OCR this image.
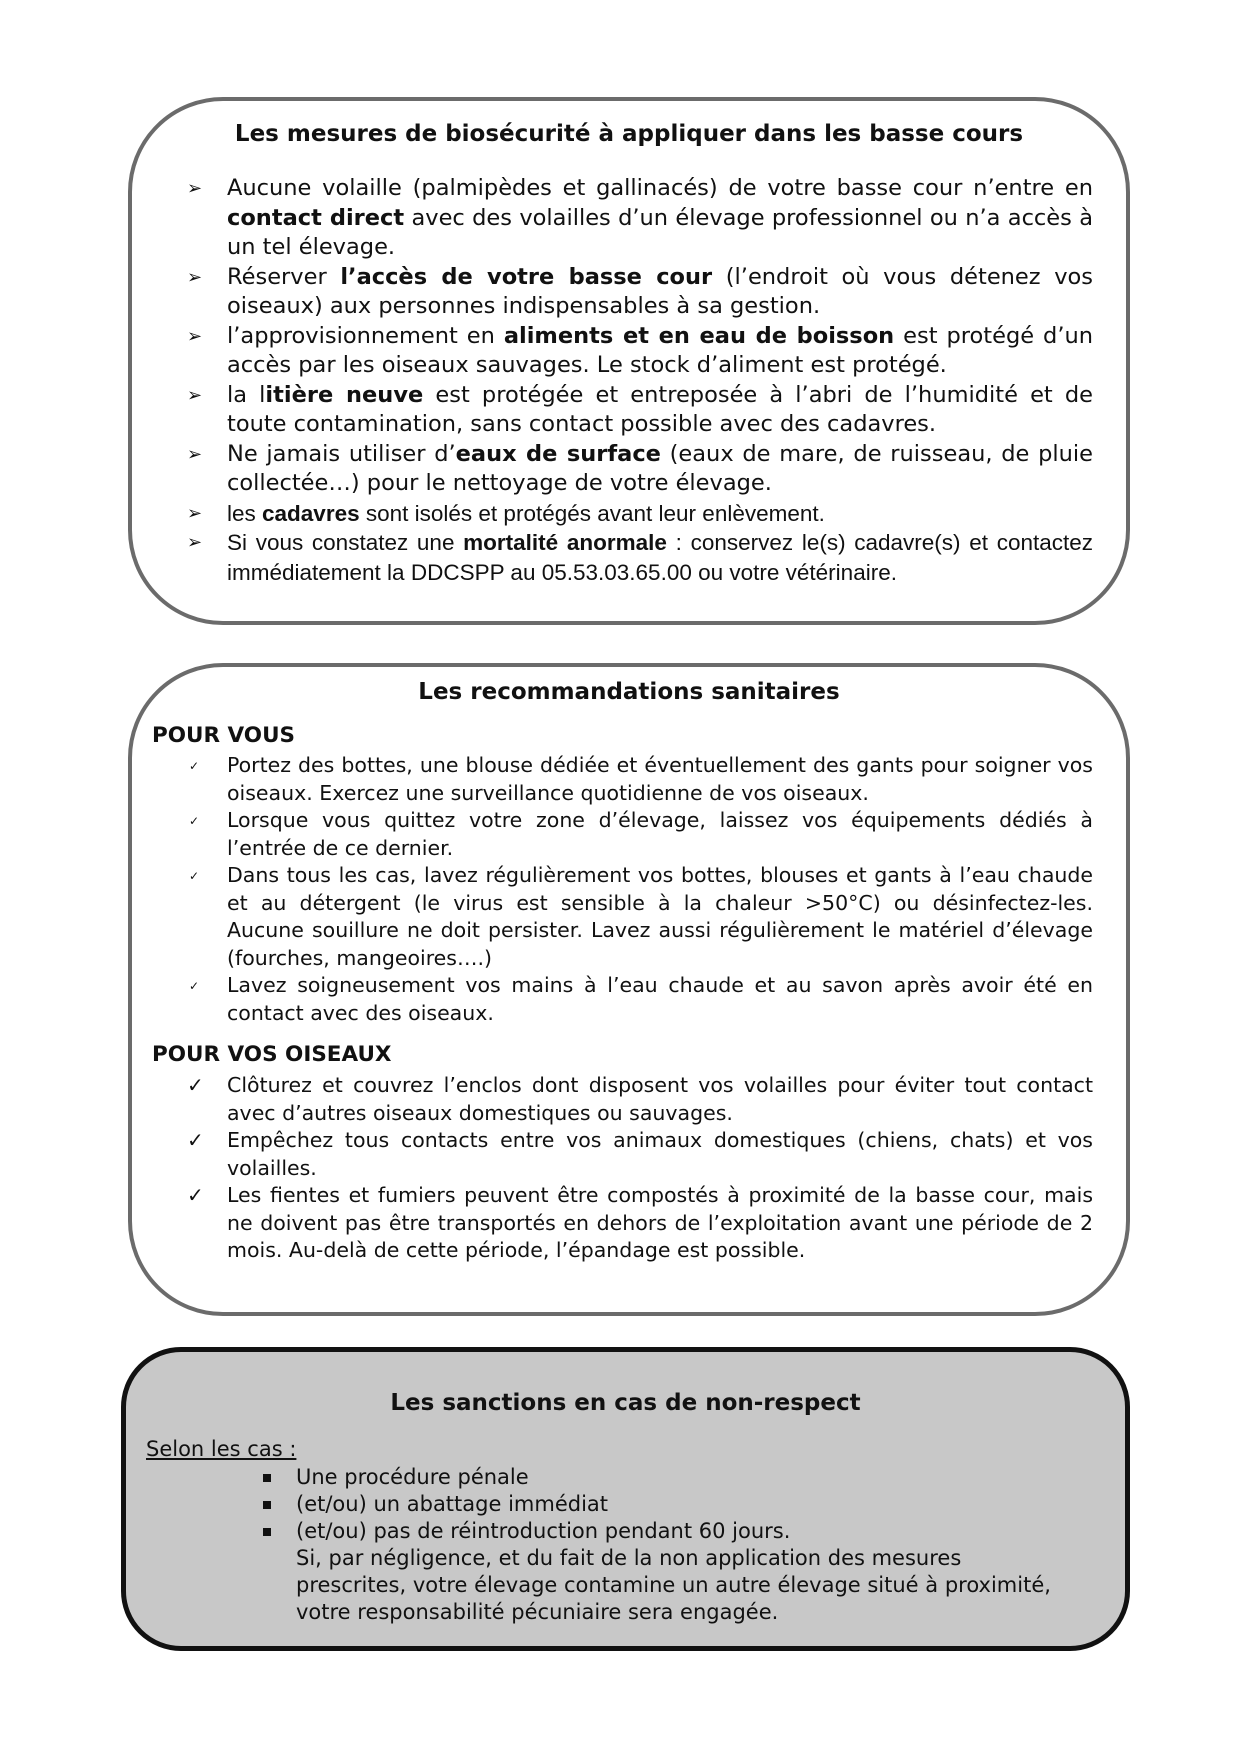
Les mesures de biosécurité à appliquer dans les basse cours
➢ Aucune volaille (palmipèdes et gallinacés) de votre basse cour n’entre en contact direct avec des volailles d’un élevage professionnel ou n’a accès à un tel élevage.
➢ Réserver l’accès de votre basse cour (l’endroit où vous détenez vos oiseaux) aux personnes indispensables à sa gestion.
➢ l’approvisionnement en aliments et en eau de boisson est protégé d’un accès par les oiseaux sauvages. Le stock d’aliment est protégé.
➢ la litière neuve est protégée et entreposée à l’abri de l’humidité et de toute contamination, sans contact possible avec des cadavres.
➢ Ne jamais utiliser d’eaux de surface (eaux de mare, de ruisseau, de pluie collectée…) pour le nettoyage de votre élevage.
➢ les cadavres sont isolés et protégés avant leur enlèvement.
➢ Si vous constatez une mortalité anormale : conservez le(s) cadavre(s) et contactez immédiatement la DDCSPP au 05.53.03.65.00 ou votre vétérinaire.
Les recommandations sanitaires
POUR VOUS
✓ Portez des bottes, une blouse dédiée et éventuellement des gants pour soigner vos oiseaux. Exercez une surveillance quotidienne de vos oiseaux.
✓ Lorsque vous quittez votre zone d’élevage, laissez vos équipements dédiés à l’entrée de ce dernier.
✓ Dans tous les cas, lavez régulièrement vos bottes, blouses et gants à l’eau chaude et au détergent (le virus est sensible à la chaleur >50°C) ou désinfectez-les. Aucune souillure ne doit persister. Lavez aussi régulièrement le matériel d’élevage (fourches, mangeoires….)
✓ Lavez soigneusement vos mains à l’eau chaude et au savon après avoir été en contact avec des oiseaux.
POUR VOS OISEAUX
✓ Clôturez et couvrez l’enclos dont disposent vos volailles pour éviter tout contact avec d’autres oiseaux domestiques ou sauvages.
✓ Empêchez tous contacts entre vos animaux domestiques (chiens, chats) et vos volailles.
✓ Les fientes et fumiers peuvent être compostés à proximité de la basse cour, mais ne doivent pas être transportés en dehors de l’exploitation avant une période de 2 mois. Au-delà de cette période, l’épandage est possible.
Les sanctions en cas de non-respect
Selon les cas :
Une procédure pénale
(et/ou) un abattage immédiat
(et/ou) pas de réintroduction pendant 60 jours.
Si, par négligence, et du fait de la non application des mesures prescrites, votre élevage contamine un autre élevage situé à proximité, votre responsabilité pécuniaire sera engagée.
